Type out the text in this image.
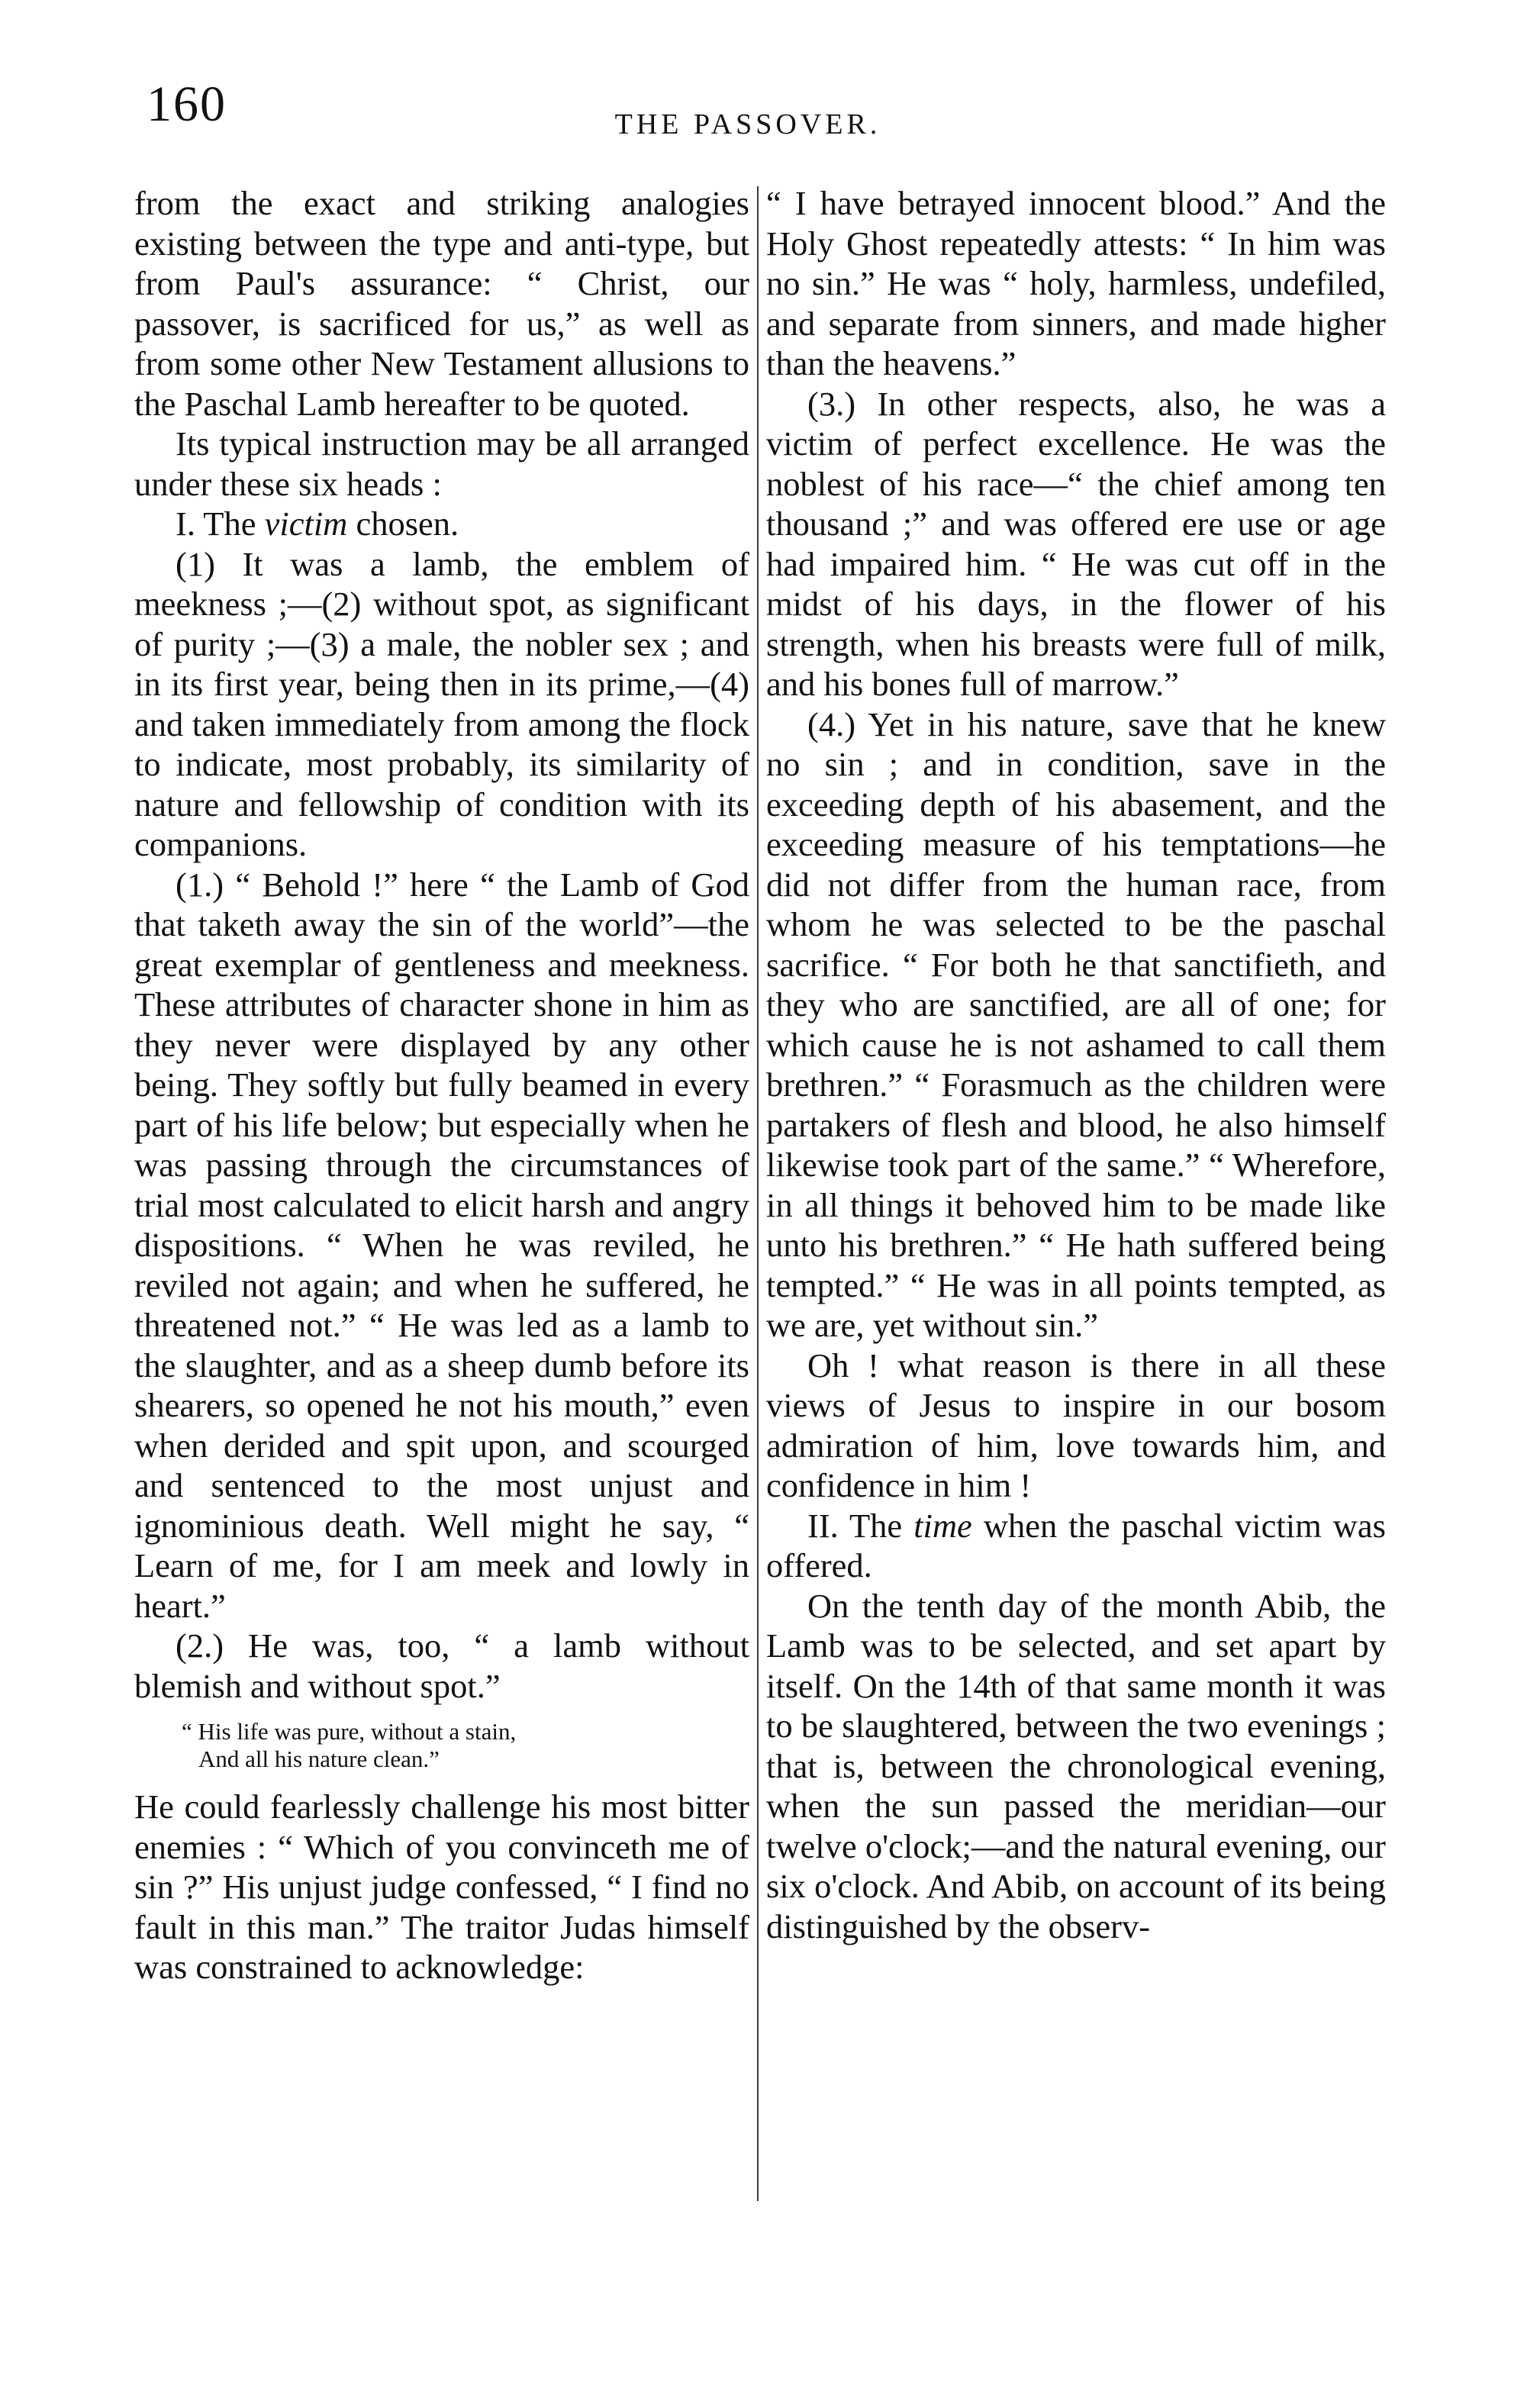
160	THE PASSOVER.

from the exact and striking analogies existing between the type and anti-type, but from Paul's assurance: “ Christ, our passover, is sacrificed for us,” as well as from some other New Testament allusions to the Paschal Lamb hereafter to be quoted.

Its typical instruction may be all arranged under these six heads :

I. The victim chosen.

(1) It was a lamb, the emblem of meekness ;—(2) without spot, as significant of purity ;—(3) a male, the nobler sex ; and in its first year, being then in its prime,—(4) and taken immediately from among the flock to indicate, most probably, its similarity of nature and fellowship of condition with its companions.

(1.) “ Behold !” here “ the Lamb of God that taketh away the sin of the world”—the great exemplar of gentleness and meekness. These attributes of character shone in him as they never were displayed by any other being. They softly but fully beamed in every part of his life below; but especially when he was passing through the circumstances of trial most calculated to elicit harsh and angry dispositions. “ When he was reviled, he reviled not again; and when he suffered, he threatened not.” “ He was led as a lamb to the slaughter, and as a sheep dumb before its shearers, so opened he not his mouth,” even when derided and spit upon, and scourged and sentenced to the most unjust and ignominious death. Well might he say, “ Learn of me, for I am meek and lowly in heart.”

(2.) He was, too, “ a lamb without blemish and without spot.”

“ His life was pure, without a stain,
And all his nature clean.”

He could fearlessly challenge his most bitter enemies : “ Which of you convinceth me of sin ?” His unjust judge confessed, “ I find no fault in this man.” The traitor Judas himself was constrained to acknowledge:

“ I have betrayed innocent blood.” And the Holy Ghost repeatedly attests: “ In him was no sin.” He was “ holy, harmless, undefiled, and separate from sinners, and made higher than the heavens.”

(3.) In other respects, also, he was a victim of perfect excellence. He was the noblest of his race—“ the chief among ten thousand ;” and was offered ere use or age had impaired him. “ He was cut off in the midst of his days, in the flower of his strength, when his breasts were full of milk, and his bones full of marrow.”

(4.) Yet in his nature, save that he knew no sin ; and in condition, save in the exceeding depth of his abasement, and the exceeding measure of his temptations—he did not differ from the human race, from whom he was selected to be the paschal sacrifice. “ For both he that sanctifieth, and they who are sanctified, are all of one; for which cause he is not ashamed to call them brethren.” “ Forasmuch as the children were partakers of flesh and blood, he also himself likewise took part of the same.” “ Wherefore, in all things it behoved him to be made like unto his brethren.” “ He hath suffered being tempted.” “ He was in all points tempted, as we are, yet without sin.”

Oh ! what reason is there in all these views of Jesus to inspire in our bosom admiration of him, love towards him, and confidence in him !

II. The time when the paschal victim was offered.

On the tenth day of the month Abib, the Lamb was to be selected, and set apart by itself. On the 14th of that same month it was to be slaughtered, between the two evenings ; that is, between the chronological evening, when the sun passed the meridian—our twelve o'clock;—and the natural evening, our six o'clock. And Abib, on account of its being distinguished by the observ-
